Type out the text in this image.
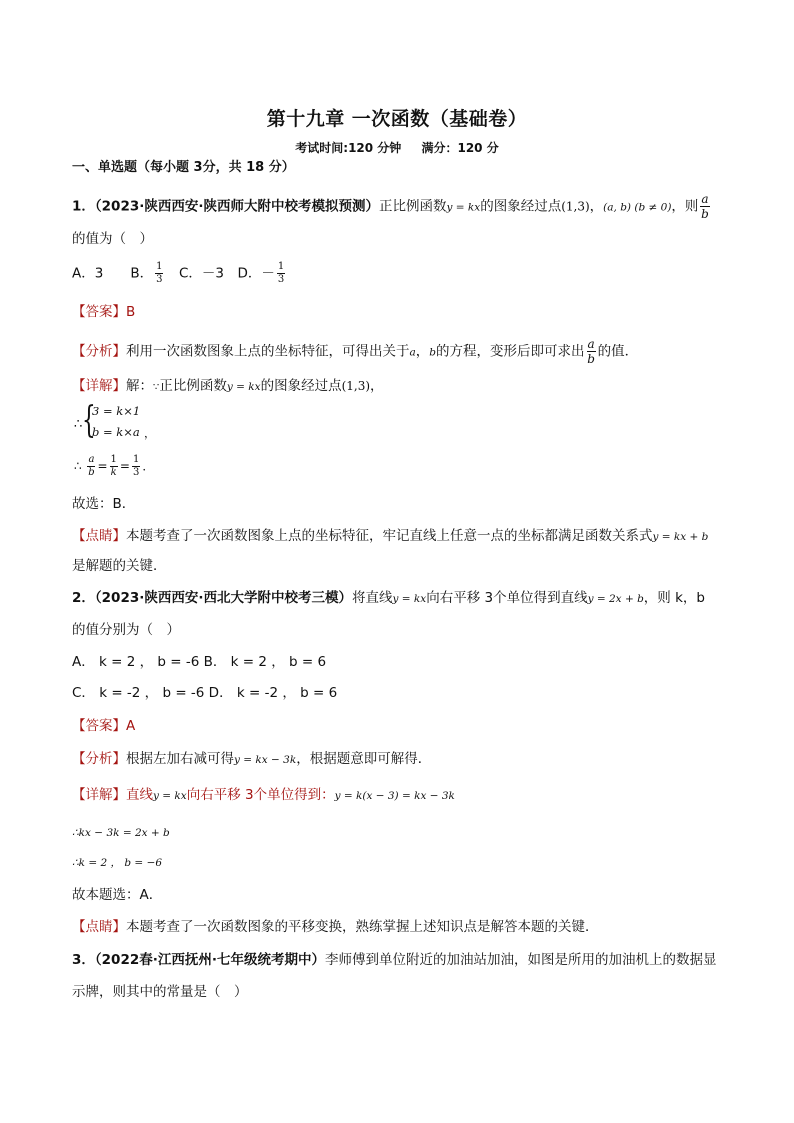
第十九章 一次函数（基础卷）
考试时间:120 分钟 满分：120 分
一、单选题（每小题 3分，共 18 分）
1．（2023·陕西西安·陕西师大附中校考模拟预测）正比例函数y = kx的图象经过点(1,3)，(a, b) (b ≠ 0)，则 $\frac{a}{b}$
的值为（　）
A．3　　B． $\frac{1}{3}$ 　C．－3　D．－ $\frac{1}{3}$
【答案】B
【分析】利用一次函数图象上点的坐标特征，可得出关于a，b的方程，变形后即可求出 $\frac{a}{b}$ 的值．
【详解】解：∵正比例函数y = kx的图象经过点(1,3)，
∴ {
3 = k×1
b = k×a ，
∴ $\frac{a}{b} = \frac{1}{k} = \frac{1}{3}$ ．
故选：B．
【点睛】本题考查了一次函数图象上点的坐标特征，牢记直线上任意一点的坐标都满足函数关系式y = kx + b
是解题的关键．
2．（2023·陕西西安·西北大学附中校考三模）将直线y = kx向右平移 3个单位得到直线y = 2x + b，则 k，b
的值分别为（　）
A． k = 2 ， b = -6 B． k = 2 ， b = 6
C． k = -2 ， b = -6 D． k = -2 ， b = 6
【答案】A
【分析】根据左加右减可得y = kx − 3k，根据题意即可解得．
【详解】直线y = kx向右平移 3个单位得到：y = k(x − 3) = kx − 3k
∴kx − 3k = 2x + b
∴k = 2 ， b = −6
故本题选：A．
【点睛】本题考查了一次函数图象的平移变换，熟练掌握上述知识点是解答本题的关键．
3．（2022春·江西抚州·七年级统考期中）李师傅到单位附近的加油站加油，如图是所用的加油机上的数据显
示牌，则其中的常量是（　）
